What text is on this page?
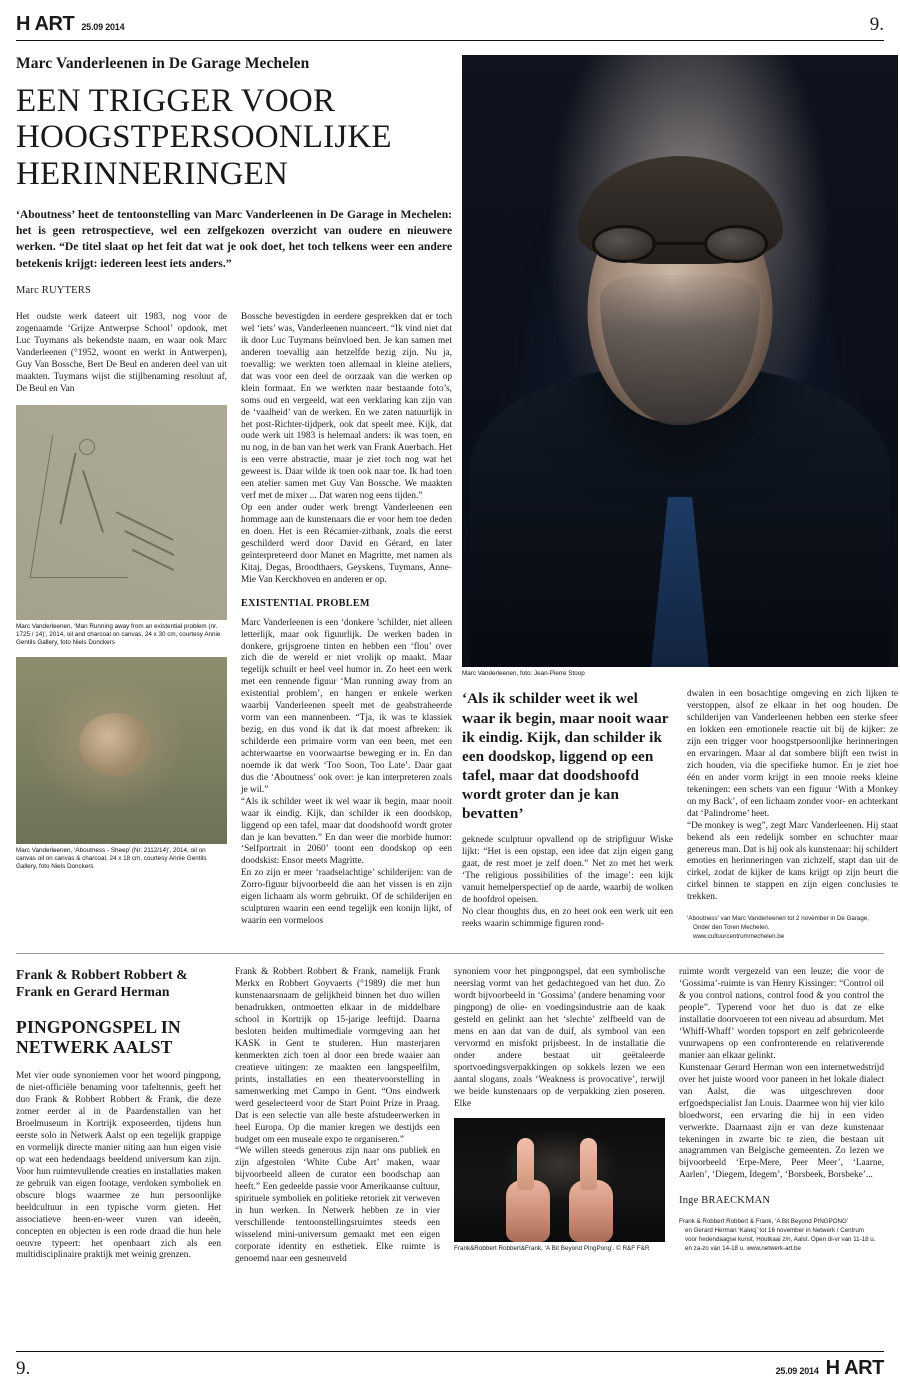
H ART 25.09 2014	9.
Marc Vanderleenen in De Garage Mechelen
EEN TRIGGER VOOR HOOGSTPERSOONLIJKE HERINNERINGEN

‘Aboutness’ heet de tentoonstelling van Marc Vanderleenen in De Garage in Mechelen: het is geen retrospectieve, wel een zelfgekozen overzicht van oudere en nieuwere werken. “De titel slaat op het feit dat wat je ook doet, het toch telkens weer een andere betekenis krijgt: iedereen leest iets anders.”

Marc RUYTERS

Het oudste werk dateert uit 1983, nog voor de zogenaamde ‘Grijze Antwerpse School’ opdook, met Luc Tuymans als bekendste naam, en waar ook Marc Vanderleenen (°1952, woont en werkt in Antwerpen), Guy Van Bossche, Bert De Beul en anderen deel van uit maakten. Tuymans wijst die stijlbenaming resoluut af, De Beul en Van

Marc Vanderleenen, ‘Man Running away from an existential problem (nr. 1725 / 14)’, 2014, oil and charcoal on canvas, 24 x 30 cm, courtesy Annie Gentils Gallery, foto Niels Donckers
Marc Vanderleenen, ‘Aboutness - Sheep’ (Nr. 2112/14)’, 2014, oil on canvas oil on canvas & charcoal, 24 x 18 cm, courtesy Annie Gentils Gallery, foto Niels Donckers

Bossche bevestigden in eerdere gesprekken dat er toch wel ‘iets’ was, Vanderleenen nuanceert. “Ik vind niet dat ik door Luc Tuymans beïnvloed ben. Je kan samen met anderen toevallig aan hetzelfde bezig zijn. Nu ja, toevallig: we werkten toen allemaal in kleine ateliers, dat was voor een deel de oorzaak van die werken op klein formaat. En we werkten naar bestaande foto’s, soms oud en vergeeld, wat een verklaring kan zijn van de ‘vaalheid’ van de werken. En we zaten natuurlijk in het post-Richter-tijdperk, ook dat speelt mee. Kijk, dat oude werk uit 1983 is helemaal anders: ik was toen, en nu nog, in de ban van het werk van Frank Auerbach. Het is een verre abstractie, maar je ziet toch nog wat het geweest is. Daar wilde ik toen ook naar toe. Ik had toen een atelier samen met Guy Van Bossche. We maakten verf met de mixer ... Dat waren nog eens tijden.”

Op een ander ouder werk brengt Vanderleenen een hommage aan de kunstenaars die er voor hem toe deden en doen. Het is een Récamier-zitbank, zoals die eerst geschilderd werd door David en Gérard, en later geïnterpreteerd door Manet en Magritte, met namen als Kitaj, Degas, Broodthaers, Geyskens, Tuymans, Anne-Mie Van Kerckhoven en anderen er op.

EXISTENTIAL PROBLEM

Marc Vanderleenen is een ‘donkere ’schilder, niet alleen letterlijk, maar ook figuurlijk. De werken baden in donkere, grijsgroene tinten en hebben een ‘flou’ over zich die de wereld er niet vrolijk op maakt. Maar tegelijk schuilt er heel veel humor in. Zo heet een werk met een rennende figuur ‘Man running away from an existential problem’, en hangen er enkele werken waarbij Vanderleenen speelt met de geabstraheerde vorm van een mannenbeen. “Tja, ik was te klassiek bezig, en dus vond ik dat ik dat moest afbreken: ik schilderde een primaire vorm van een been, met een achterwaartse en voorwaartse beweging er in. En dan noemde ik dat werk ‘Too Soon, Too Late’. Daar gaat dus die ‘Aboutness’ ook over: je kan interpreteren zoals je wil.”

“Als ik schilder weet ik wel waar ik begin, maar nooit waar ik eindig. Kijk, dan schilder ik een doodskop, liggend op een tafel, maar dat doodshoofd wordt groter dan je kan bevatten.” En dan weer die morbide humor: ‘Selfportrait in 2060’ toont een doodskop op een doodskist: Ensor meets Magritte.

En zo zijn er meer ‘raadselachtige’ schilderijen: van de Zorro-figuur bijvoorbeeld die aan het vissen is en zijn eigen lichaam als worm gebruikt. Of de schilderijen en sculpturen waarin een eend tegelijk een konijn lijkt, of waarin een vormeloos

Marc Vanderleenen, foto: Jean-Pierre Stoop

‘Als ik schilder weet ik wel waar ik begin, maar nooit waar ik eindig. Kijk, dan schilder ik een doodskop, liggend op een tafel, maar dat doodshoofd wordt groter dan je kan bevatten’

geknede sculptuur opvallend op de stripfiguur Wiske lijkt: “Het is een opstap, een idee dat zijn eigen gang gaat, de rest moet je zelf doen.” Net zo met het werk ‘The religious possibilities of the image’: een kijk vanuit hemelperspectief op de aarde, waarbij de wolken de hoofdrol opeisen.

No clear thoughts dus, en zo heet ook een werk uit een reeks waarin schimmige figuren rond-

dwalen in een bosachtige omgeving en zich lijken te verstoppen, alsof ze elkaar in het oog houden. De schilderijen van Vanderleenen hebben een sterke sfeer en lokken een emotionele reactie uit bij de kijker: ze zijn een trigger voor hoogstpersoonlijke herinneringen en ervaringen. Maar al dat sombere blijft een twist in zich houden, via die specifieke humor. En je ziet hoe één en ander vorm krijgt in een mooie reeks kleine tekeningen: een schets van een figuur ‘With a Monkey on my Back’, of een lichaam zonder voor- en achterkant dat ‘Palindrome’ heet.

“De monkey is weg”, zegt Marc Vanderleenen. Hij staat bekend als een redelijk somber en schuchter maar genereus man. Dat is hij ook als kunstenaar: hij schildert emoties en herinneringen van zichzelf, stapt dan uit de cirkel, zodat de kijker de kans krijgt op zijn beurt die cirkel binnen te stappen en zijn eigen conclusies te trekken.

‘Aboutness’ van Marc Vanderleenen tot 2 november in De Garage,
Onder den Toren Mechelen.
www.cultuurcentrummechelen.be
Frank & Robbert Robbert & Frank en Gerard Herman
PINGPONGSPEL IN NETWERK AALST

Met vier oude synoniemen voor het woord pingpong, de niet-officiële benaming voor tafeltennis, geeft het duo Frank & Robbert Robbert & Frank, die deze zomer eerder al in de Paardenstallen van het Broelmuseum in Kortrijk exposeerden, tijdens hun eerste solo in Netwerk Aalst op een tegelijk grappige en vormelijk directe manier uiting aan hun eigen visie op wat een hedendaags beeldend universum kan zijn. Voor hun ruimtevullende creaties en installaties maken ze gebruik van eigen footage, verdoken symboliek en obscure blogs waarmee ze hun persoonlijke beeldcultuur in een typische vorm gieten. Het associatieve heen-en-weer vuren van ideeën, concepten en objecten is een rode draad die hun hele oeuvre typeert: het openbaart zich als een multidisciplinaire praktijk met weinig grenzen.

Frank & Robbert Robbert & Frank, namelijk Frank Merkx en Robbert Goyvaerts (°1989) die met hun kunstenaarsnaam de gelijkheid binnen het duo willen benadrukken, ontmoetten elkaar in de middelbare school in Kortrijk op 15-jarige leeftijd. Daarna besloten beiden multimediale vormgeving aan het KASK in Gent te studeren. Hun masterjaren kenmerkten zich toen al door een brede waaier aan creatieve uitingen: ze maakten een langspeelfilm, prints, installaties en een theatervoorstelling in samenwerking met Campo in Gent. “Ons eindwerk werd geselecteerd voor de Start Point Prize in Praag. Dat is een selectie van alle beste afstudeerwerken in heel Europa. Op die manier kregen we destijds een budget om een museale expo te organiseren.”

“We willen steeds generous zijn naar ons publiek en zijn afgestolen ‘White Cube Art’ maken, waar bijvoorbeeld alleen de curator een boodschap aan heeft.” Een gedeelde passie voor Amerikaanse cultuur, spirituele symboliek en politieke retoriek zit verweven in hun werken. In Netwerk hebben ze in vier verschillende tentoonstellingsruimtes steeds een wisselend mini-universum gemaakt met een eigen corporate identity en esthetiek. Elke ruimte is genoemd naar een gesneuveld

synoniem voor het pingpongspel, dat een symbolische neerslag vormt van het gedachtegoed van het duo. Zo wordt bijvoorbeeld in ‘Gossima’ (andere benaming voor pingpong) de olie- en voedingsindustrie aan de kaak gesteld en gelinkt aan het ‘slechte’ zelfbeeld van de mens en aan dat van de duif, als symbool van een vervormd en misfokt prijsbeest. In de installatie die onder andere bestaat uit geëtaleerde sportvoedingsverpakkingen op sokkels lezen we een aantal slogans, zoals ‘Weakness is provocative’, terwijl we beide kunstenaars op de verpakking zien poseren. Elke

Frank&Robbert Robbert&Frank, ‘A Bit Beyond PingPong’. © R&F F&R

ruimte wordt vergezeld van een leuze; die voor de ‘Gossima’-ruimte is van Henry Kissinger: “Control oil & you control nations, control food & you control the people”. Typerend voor het duo is dat ze elke installatie doorvoeren tot een niveau ad absurdum. Met ‘Whiff-Whaff’ worden topsport en zelf gebricoleerde vuurwapens op een confronterende en relativerende manier aan elkaar gelinkt.

Kunstenaar Gerard Herman won een internetwedstrijd over het juiste woord voor paneen in het lokale dialect van Aalst, die was uitgeschreven door erfgoedspecialist Jan Louis. Daarmee won hij vier kilo bloedworst, een ervaring die hij in een video verwerkte. Daarnaast zijn er van deze kunstenaar tekeningen in zwarte bic te zien, die bestaan uit anagrammen van Belgische gemeenten. Zo lezen we bijvoorbeeld ‘Erpe-Mere, Peer Meer’, ‘Laarne, Aarlen’, ‘Diegem, Idegem’, ‘Borsbeek, Borsbeke’...

Inge BRAECKMAN

Frank & Robbert Robbert & Frank, ‘A Bit Beyond PINGPONG’
en Gerard Herman ‘Kalисj’ tot 16 november in Netwerk / Centrum
voor hedendaagse kunst, Houtkaai z/n, Aalst. Open di-vr van 11-18 u.
en za-zo van 14-18 u. www.netwerk-art.be
9.	25.09 2014 H ART
